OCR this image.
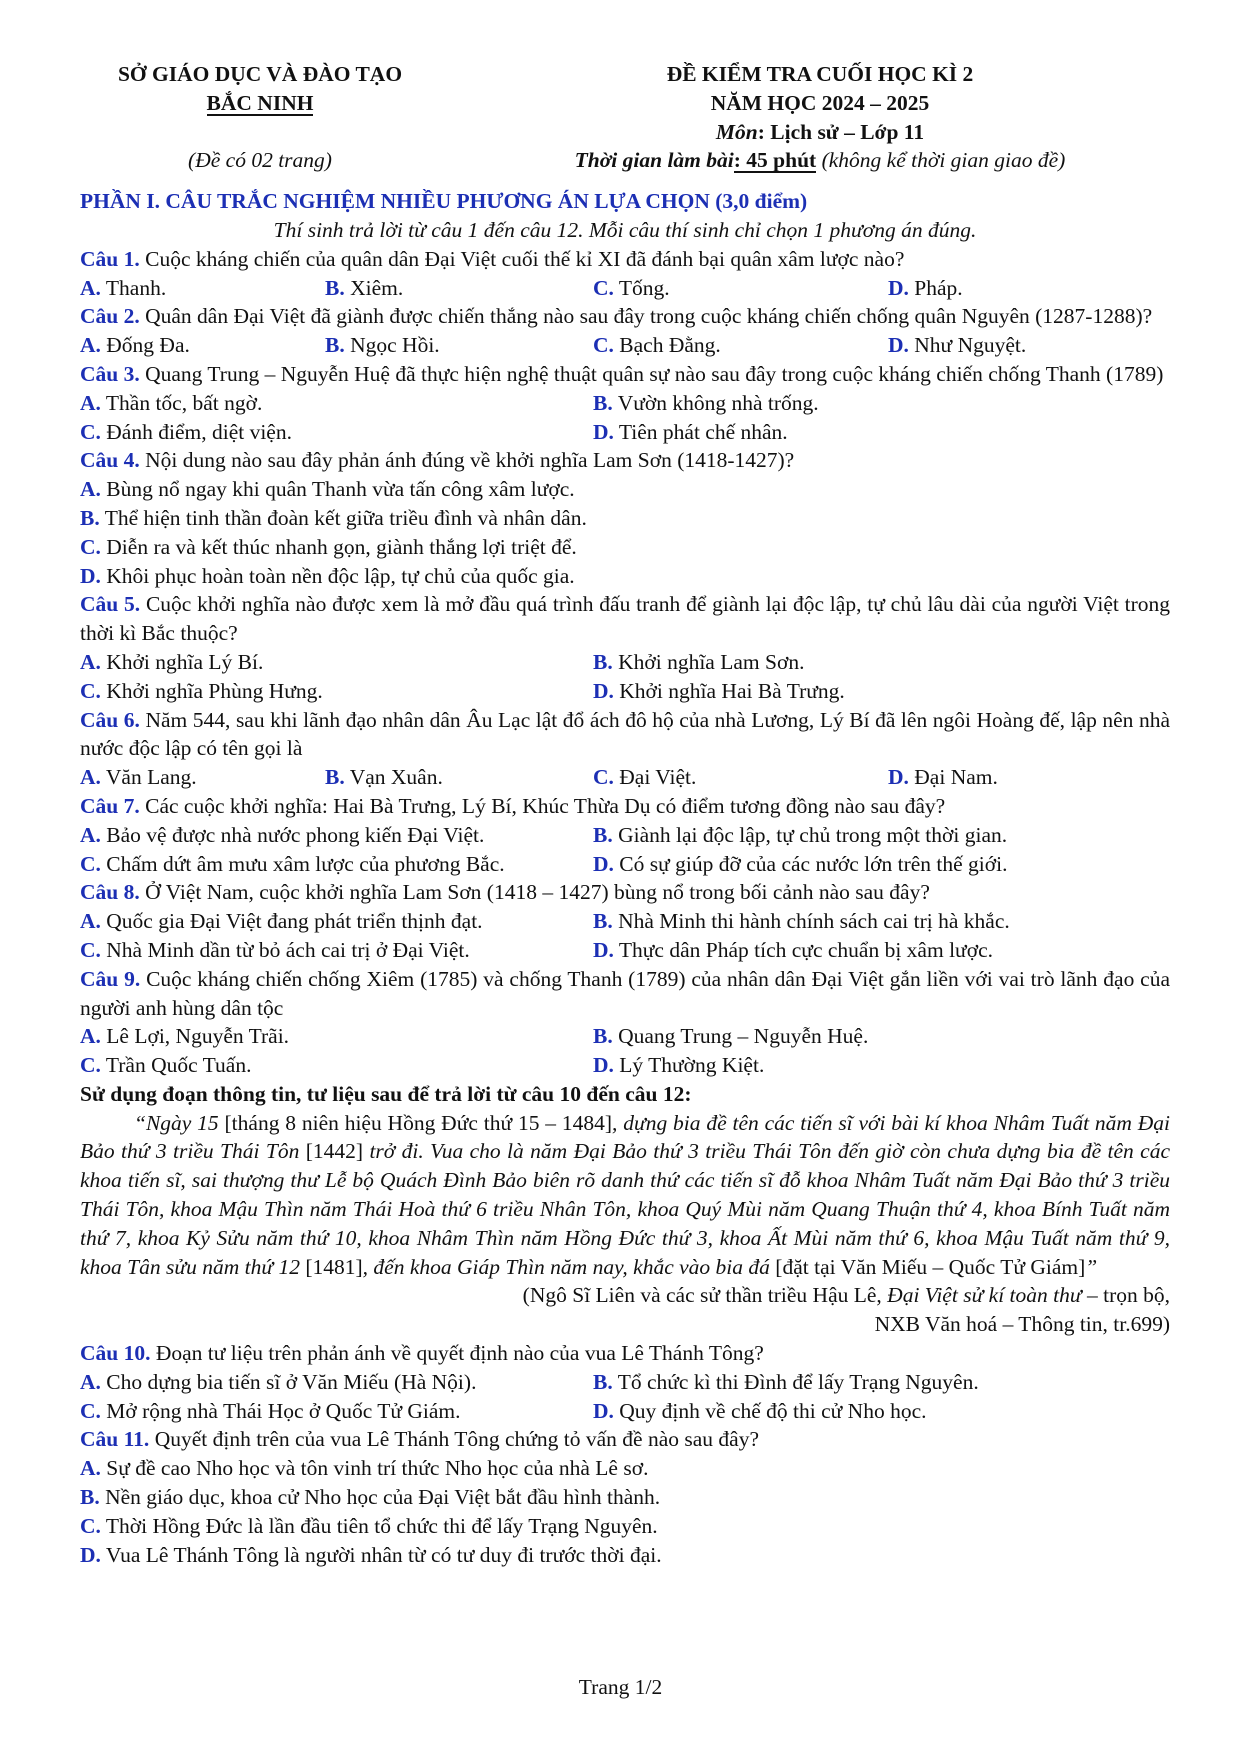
SỞ GIÁO DỤC VÀ ĐÀO TẠO
BẮC NINH
(Đề có 02 trang)
ĐỀ KIỂM TRA CUỐI HỌC KÌ 2
NĂM HỌC 2024 – 2025
Môn: Lịch sử – Lớp 11
Thời gian làm bài: 45 phút (không kể thời gian giao đề)
PHẦN I. CÂU TRẮC NGHIỆM NHIỀU PHƯƠNG ÁN LỰA CHỌN (3,0 điểm)
Thí sinh trả lời từ câu 1 đến câu 12. Mỗi câu thí sinh chỉ chọn 1 phương án đúng.
Câu 1. Cuộc kháng chiến của quân dân Đại Việt cuối thế kỉ XI đã đánh bại quân xâm lược nào?
A. Thanh.	B. Xiêm.	C. Tống.	D. Pháp.
Câu 2. Quân dân Đại Việt đã giành được chiến thắng nào sau đây trong cuộc kháng chiến chống quân Nguyên (1287-1288)?
A. Đống Đa.	B. Ngọc Hồi.	C. Bạch Đằng.	D. Như Nguyệt.
Câu 3. Quang Trung – Nguyễn Huệ đã thực hiện nghệ thuật quân sự nào sau đây trong cuộc kháng chiến chống Thanh (1789)
A. Thần tốc, bất ngờ.	B. Vườn không nhà trống.
C. Đánh điểm, diệt viện.	D. Tiên phát chế nhân.
Câu 4. Nội dung nào sau đây phản ánh đúng về khởi nghĩa Lam Sơn (1418-1427)?
A. Bùng nổ ngay khi quân Thanh vừa tấn công xâm lược.
B. Thể hiện tinh thần đoàn kết giữa triều đình và nhân dân.
C. Diễn ra và kết thúc nhanh gọn, giành thắng lợi triệt để.
D. Khôi phục hoàn toàn nền độc lập, tự chủ của quốc gia.
Câu 5. Cuộc khởi nghĩa nào được xem là mở đầu quá trình đấu tranh để giành lại độc lập, tự chủ lâu dài của người Việt trong thời kì Bắc thuộc?
A. Khởi nghĩa Lý Bí.	B. Khởi nghĩa Lam Sơn.
C. Khởi nghĩa Phùng Hưng.	D. Khởi nghĩa Hai Bà Trưng.
Câu 6. Năm 544, sau khi lãnh đạo nhân dân Âu Lạc lật đổ ách đô hộ của nhà Lương, Lý Bí đã lên ngôi Hoàng đế, lập nên nhà nước độc lập có tên gọi là
A. Văn Lang.	B. Vạn Xuân.	C. Đại Việt.	D. Đại Nam.
Câu 7. Các cuộc khởi nghĩa: Hai Bà Trưng, Lý Bí, Khúc Thừa Dụ có điểm tương đồng nào sau đây?
A. Bảo vệ được nhà nước phong kiến Đại Việt.	B. Giành lại độc lập, tự chủ trong một thời gian.
C. Chấm dứt âm mưu xâm lược của phương Bắc.	D. Có sự giúp đỡ của các nước lớn trên thế giới.
Câu 8. Ở Việt Nam, cuộc khởi nghĩa Lam Sơn (1418 – 1427) bùng nổ trong bối cảnh nào sau đây?
A. Quốc gia Đại Việt đang phát triển thịnh đạt.	B. Nhà Minh thi hành chính sách cai trị hà khắc.
C. Nhà Minh dần từ bỏ ách cai trị ở Đại Việt.	D. Thực dân Pháp tích cực chuẩn bị xâm lược.
Câu 9. Cuộc kháng chiến chống Xiêm (1785) và chống Thanh (1789) của nhân dân Đại Việt gắn liền với vai trò lãnh đạo của người anh hùng dân tộc
A. Lê Lợi, Nguyễn Trãi.	B. Quang Trung – Nguyễn Huệ.
C. Trần Quốc Tuấn.	D. Lý Thường Kiệt.
Sử dụng đoạn thông tin, tư liệu sau để trả lời từ câu 10 đến câu 12:
“Ngày 15 [tháng 8 niên hiệu Hồng Đức thứ 15 – 1484], dựng bia đề tên các tiến sĩ với bài kí khoa Nhâm Tuất năm Đại Bảo thứ 3 triều Thái Tôn [1442] trở đi. Vua cho là năm Đại Bảo thứ 3 triều Thái Tôn đến giờ còn chưa dựng bia đề tên các khoa tiến sĩ, sai thượng thư Lễ bộ Quách Đình Bảo biên rõ danh thứ các tiến sĩ đỗ khoa Nhâm Tuất năm Đại Bảo thứ 3 triều Thái Tôn, khoa Mậu Thìn năm Thái Hoà thứ 6 triều Nhân Tôn, khoa Quý Mùi năm Quang Thuận thứ 4, khoa Bính Tuất năm thứ 7, khoa Kỷ Sửu năm thứ 10, khoa Nhâm Thìn năm Hồng Đức thứ 3, khoa Ất Mùi năm thứ 6, khoa Mậu Tuất năm thứ 9, khoa Tân sửu năm thứ 12 [1481], đến khoa Giáp Thìn năm nay, khắc vào bia đá [đặt tại Văn Miếu – Quốc Tử Giám]”
(Ngô Sĩ Liên và các sử thần triều Hậu Lê, Đại Việt sử kí toàn thư – trọn bộ,
NXB Văn hoá – Thông tin, tr.699)
Câu 10. Đoạn tư liệu trên phản ánh về quyết định nào của vua Lê Thánh Tông?
A. Cho dựng bia tiến sĩ ở Văn Miếu (Hà Nội).	B. Tổ chức kì thi Đình để lấy Trạng Nguyên.
C. Mở rộng nhà Thái Học ở Quốc Tử Giám.	D. Quy định về chế độ thi cử Nho học.
Câu 11. Quyết định trên của vua Lê Thánh Tông chứng tỏ vấn đề nào sau đây?
A. Sự đề cao Nho học và tôn vinh trí thức Nho học của nhà Lê sơ.
B. Nền giáo dục, khoa cử Nho học của Đại Việt bắt đầu hình thành.
C. Thời Hồng Đức là lần đầu tiên tổ chức thi để lấy Trạng Nguyên.
D. Vua Lê Thánh Tông là người nhân từ có tư duy đi trước thời đại.
Trang 1/2
